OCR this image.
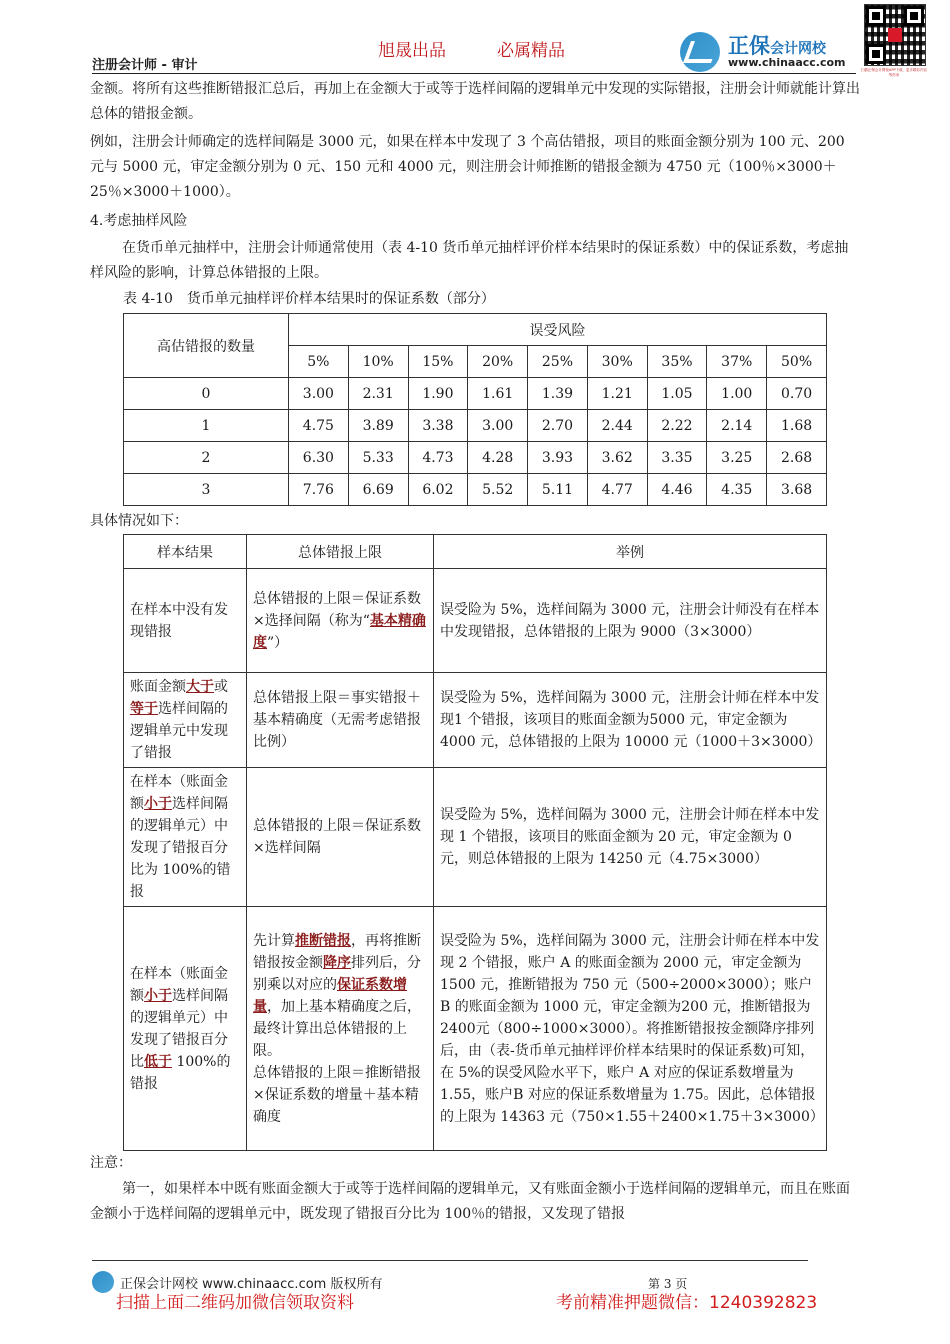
旭晟出品	必属精品	正保会计网校
www.chinaacc.com
扫描正保会计网校APP下载，更多精彩内容等你来
注册会计师 - 审计
金额。将所有这些推断错报汇总后，再加上在金额大于或等于选样间隔的逻辑单元中发现的实际错报，注册会计师就能计算出总体的错报金额。
例如，注册会计师确定的选样间隔是 3000 元，如果在样本中发现了 3 个高估错报，项目的账面金额分别为 100 元、200 元与 5000 元，审定金额分别为 0 元、150 元和 4000 元，则注册会计师推断的错报金额为 4750 元（100％×3000＋25％×3000＋1000）。
4.考虑抽样风险
在货币单元抽样中，注册会计师通常使用（表 4-10 货币单元抽样评价样本结果时的保证系数）中的保证系数，考虑抽样风险的影响，计算总体错报的上限。
表 4-10　货币单元抽样评价样本结果时的保证系数（部分）
高估错报的数量	误受风险								
	5%	10%	15%	20%	25%	30%	35%	37%	50%
0	3.00	2.31	1.90	1.61	1.39	1.21	1.05	1.00	0.70
1	4.75	3.89	3.38	3.00	2.70	2.44	2.22	2.14	1.68
2	6.30	5.33	4.73	4.28	3.93	3.62	3.35	3.25	2.68
3	7.76	6.69	6.02	5.52	5.11	4.77	4.46	4.35	3.68
具体情况如下：
样本结果	总体错报上限	举例
在样本中没有发现错报	总体错报的上限＝保证系数×选择间隔（称为“基本精确度”）	误受险为 5%，选样间隔为 3000 元，注册会计师没有在样本中发现错报，总体错报的上限为 9000（3×3000）
账面金额大于或等于选样间隔的逻辑单元中发现了错报	总体错报上限＝事实错报＋基本精确度（无需考虑错报比例）	误受险为 5%，选样间隔为 3000 元，注册会计师在样本中发现1 个错报，该项目的账面金额为5000 元，审定金额为 4000 元，总体错报的上限为 10000 元（1000＋3×3000）
在样本（账面金额小于选样间隔的逻辑单元）中发现了错报百分比为 100%的错报	总体错报的上限＝保证系数×选样间隔	误受险为 5%，选样间隔为 3000 元，注册会计师在样本中发现 1 个错报，该项目的账面金额为 20 元，审定金额为 0 元，则总体错报的上限为 14250 元（4.75×3000）
在样本（账面金额小于选样间隔的逻辑单元）中发现了错报百分比低于 100%的错报	先计算推断错报，再将推断错报按金额降序排列后，分别乘以对应的保证系数增量，加上基本精确度之后，最终计算出总体错报的上限。
总体错报的上限＝推断错报×保证系数的增量＋基本精确度	误受险为 5%，选样间隔为 3000 元，注册会计师在样本中发现 2 个错报，账户 A 的账面金额为 2000 元，审定金额为 1500 元，推断错报为 750 元（500÷2000×3000）；账户 B 的账面金额为 1000 元，审定金额为200 元，推断错报为2400元（800÷1000×3000）。将推断错报按金额降序排列后，由（表-货币单元抽样评价样本结果时的保证系数)可知，在 5%的误受风险水平下，账户 A 对应的保证系数增量为 1.55，账户B 对应的保证系数增量为 1.75。因此，总体错报的上限为 14363 元（750×1.55＋2400×1.75＋3×3000）
注意：
第一，如果样本中既有账面金额大于或等于选样间隔的逻辑单元，又有账面金额小于选样间隔的逻辑单元，而且在账面金额小于选样间隔的逻辑单元中，既发现了错报百分比为 100％的错报，又发现了错报
正保会计网校 www.chinaacc.com 版权所有	第 3 页
扫描上面二维码加微信领取资料	考前精准押题微信：1240392823
